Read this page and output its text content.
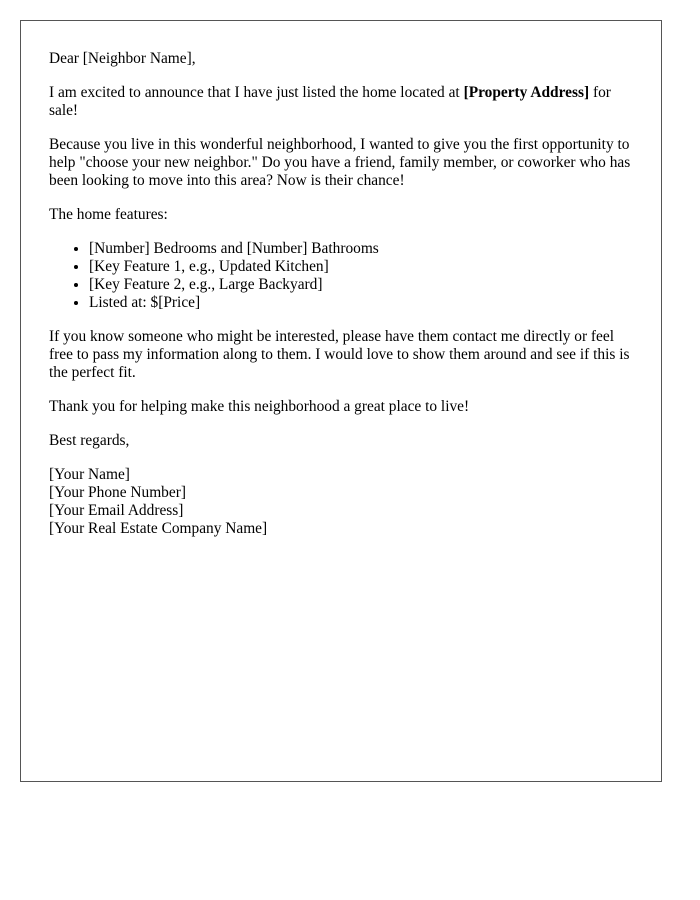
Dear [Neighbor Name],

I am excited to announce that I have just listed the home located at [Property Address] for sale!

Because you live in this wonderful neighborhood, I wanted to give you the first opportunity to help "choose your new neighbor." Do you have a friend, family member, or coworker who has been looking to move into this area? Now is their chance!

The home features:

• [Number] Bedrooms and [Number] Bathrooms
• [Key Feature 1, e.g., Updated Kitchen]
• [Key Feature 2, e.g., Large Backyard]
• Listed at: $[Price]

If you know someone who might be interested, please have them contact me directly or feel free to pass my information along to them. I would love to show them around and see if this is the perfect fit.

Thank you for helping make this neighborhood a great place to live!

Best regards,

[Your Name]
[Your Phone Number]
[Your Email Address]
[Your Real Estate Company Name]
